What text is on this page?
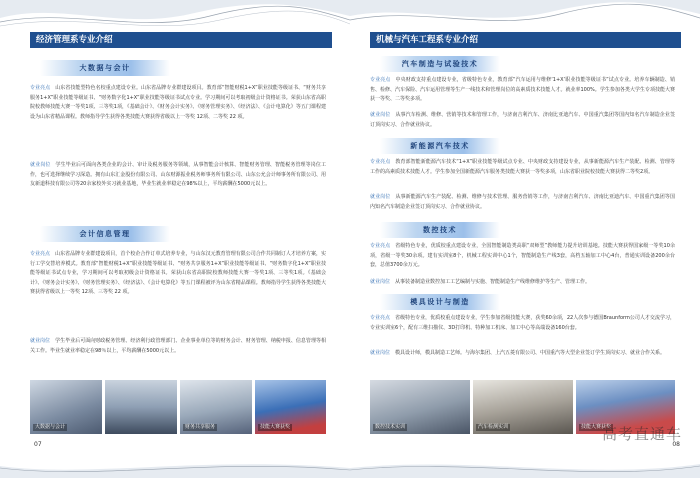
经济管理系专业介绍
大数据与会计
专业亮点　 山东省技能型特色名校重点建设专业。山东省品牌专业群建设项目。教育部“智能财税1+X”职业技能等级证书、“财务共享服务1+X”职业技能等级证书、“财务数字化1+X”职业技能等级证书试点专业。学习期间可以考取初级会计资格证书。荣获山东省高职院校教师技能大赛一等奖1项、三等奖1项，《基础会计》、《财务会计实务》、《财务管理实务》、《经济法》、《会计电算化》等五门课程建设为山东省精品课程。教师指导学生获得各类技能大赛获得省级以上一等奖 12项、二等奖 22 项。
就业岗位　 学生毕业后可面向各类企业的会计、审计及税务服务等领域，从事智能会计核算、智能财务管理、智能税务管理等岗位工作，也可选择继续学习深造。拥有山东汇金股份有限公司、山东财源振业税务师事务所有限公司、山东公允会计师事务所有限公司、用友新道科技有限公司等20余家校外实习就业基地，毕业生就业率稳定在98%以上，平均薪酬在5000元以上。
会计信息管理
专业亮点　 山东省品牌专业群建设项目，首个校企合作订单式培养专业，与山东汉元教育管理有限公司合作共同制订人才培养方案，实行工学交替培养模式。教育部“智能财税1+X”职业技能等级证书、“财务共享服务1+X”职业技能等级证书、“财务数字化1+X”职业技能等级证书试点专业，学习期间可以考取初级会计资格证书。荣获山东省高职院校教师技能大赛一等奖1项、三等奖1项。《基础会计》、《财务会计实务》、《财务管理实务》、《经济法》、《会计电算化》等五门课程被评为山东省精品课程。教师指导学生获得各类技能大赛获得省级以上一等奖 12项、三等奖 22 项。
就业岗位　 学生毕业后可面向财政税务管理、经济利行政管理部门、企业事业单位等的财务会计、财务管理、纳税申报、信息管理等相关工作。毕业生就业率稳定在98％以上，平均薪酬在5000元以上。
大数据与会计	财务共享服务	技能大赛获奖
07
机械与汽车工程系专业介绍
汽车制造与试验技术
专业亮点　 中央财政支持重点建设专业，省级特色专业，教育部“汽车运用与维修‘1+X’职业技能等级证书”试点专业。培养车辆制造、销售、检修、汽车保险、汽车运用管理等生产一线技术和管理岗位的高素质技术技能人才。就业率100%。学生参加各类大学生专项技能大赛获一等奖、二等奖多项。
就业岗位　 从事汽车检测、维修、营销等技术和管理工作，与济南吉利汽车、济南比亚迪汽车、中国重汽集团等国内知名汽车制造企业签订顶岗实习、合作就业协议。
新能源汽车技术
专业亮点　 教育部智能新能源汽车技术“1+X”职业技能等级试点专业、中央财政支持建设专业，从事新能源汽车生产装配、检测、管理等工作的高素质技术技能人才。学生参加全国新能源汽车服务类技能大赛获一等奖多项，山东省职业院校技能大赛获得二等奖2项。
就业岗位　 从事新能源汽车生产装配、检测、维修与技术管理、服务营销等工作，与济南吉利汽车、济南比亚迪汽车、中国重汽集团等国内知名汽车制造企业签订顶岗实习、合作就业协议。
数控技术
专业亮点　 省级特色专业，优质校重点建设专业，全国智能制造类高职“双师型”教师能力提升培训基地。技能大赛获得国家级一等奖10余项，省级一等奖30余项。建有实训室8个，机械工程实训中心1个，智能制造生产线3套，高档五轴加工中心4台，普通实训设备200余台套，总值3700余万元。
就业岗位　 从事装备制造业数控加工工艺编制与实施、智能制造生产线维修维护等生产、管理工作。
模具设计与制造
专业亮点　 省级特色专业，优质校重点建设专业，学生参加省级技能大赛，获奖60余项，22人次参与德国Braunform公司人才交流学习，专业实训室6个，配有三维扫描仪、3D打印机、特种加工机床、加工中心等高端设备160台套。
就业岗位　 模具设计师，模具制造工艺师。与海尔集团、上汽五菱有限公司、中国重汽等大型企业签订学生顶岗实习、就业合作关系。
数控技术实训	汽车检测实训	技能大赛获奖
高考直通车
08
